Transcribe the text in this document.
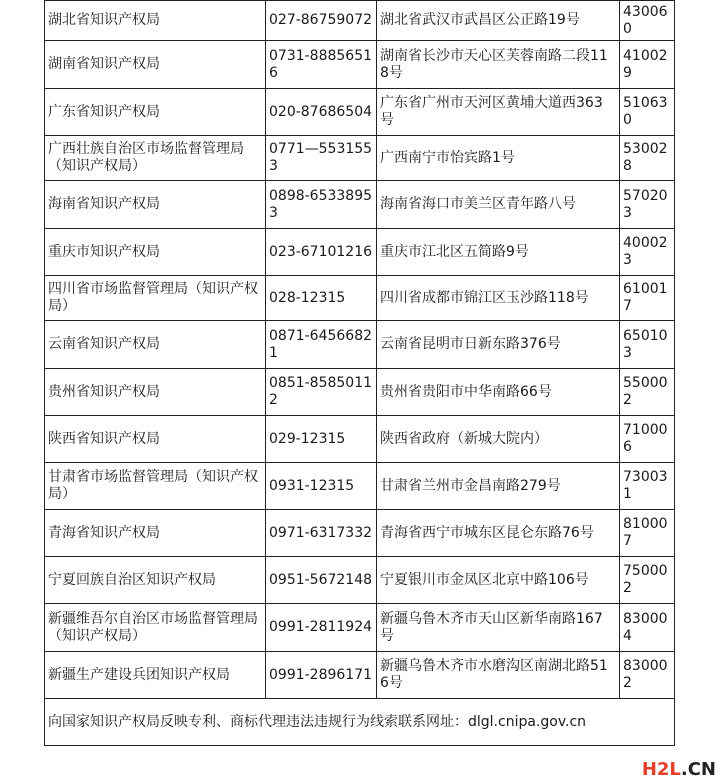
湖北省知识产权局	027-86759072	湖北省武汉市武昌区公正路19号	430060
湖南省知识产权局	0731-88856516	湖南省长沙市天心区芙蓉南路二段118号	410029
广东省知识产权局	020-87686504	广东省广州市天河区黄埔大道西363号	510630
广西壮族自治区市场监督管理局（知识产权局）	0771—5531553	广西南宁市怡宾路1号	530028
海南省知识产权局	0898-65338953	海南省海口市美兰区青年路八号	570203
重庆市知识产权局	023-67101216	重庆市江北区五简路9号	400023
四川省市场监督管理局（知识产权局）	028-12315	四川省成都市锦江区玉沙路118号	610017
云南省知识产权局	0871-64566821	云南省昆明市日新东路376号	650103
贵州省知识产权局	0851-85850112	贵州省贵阳市中华南路66号	550002
陕西省知识产权局	029-12315	陕西省政府（新城大院内）	710006
甘肃省市场监督管理局（知识产权局）	0931-12315	甘肃省兰州市金昌南路279号	730031
青海省知识产权局	0971-6317332	青海省西宁市城东区昆仑东路76号	810007
宁夏回族自治区知识产权局	0951-5672148	宁夏银川市金凤区北京中路106号	750002
新疆维吾尔自治区市场监督管理局（知识产权局）	0991-2811924	新疆乌鲁木齐市天山区新华南路167号	830004
新疆生产建设兵团知识产权局	0991-2896171	新疆乌鲁木齐市水磨沟区南湖北路516号	830002
向国家知识产权局反映专利、商标代理违法违规行为线索联系网址：dlgl.cnipa.gov.cn			
H2L.CN
